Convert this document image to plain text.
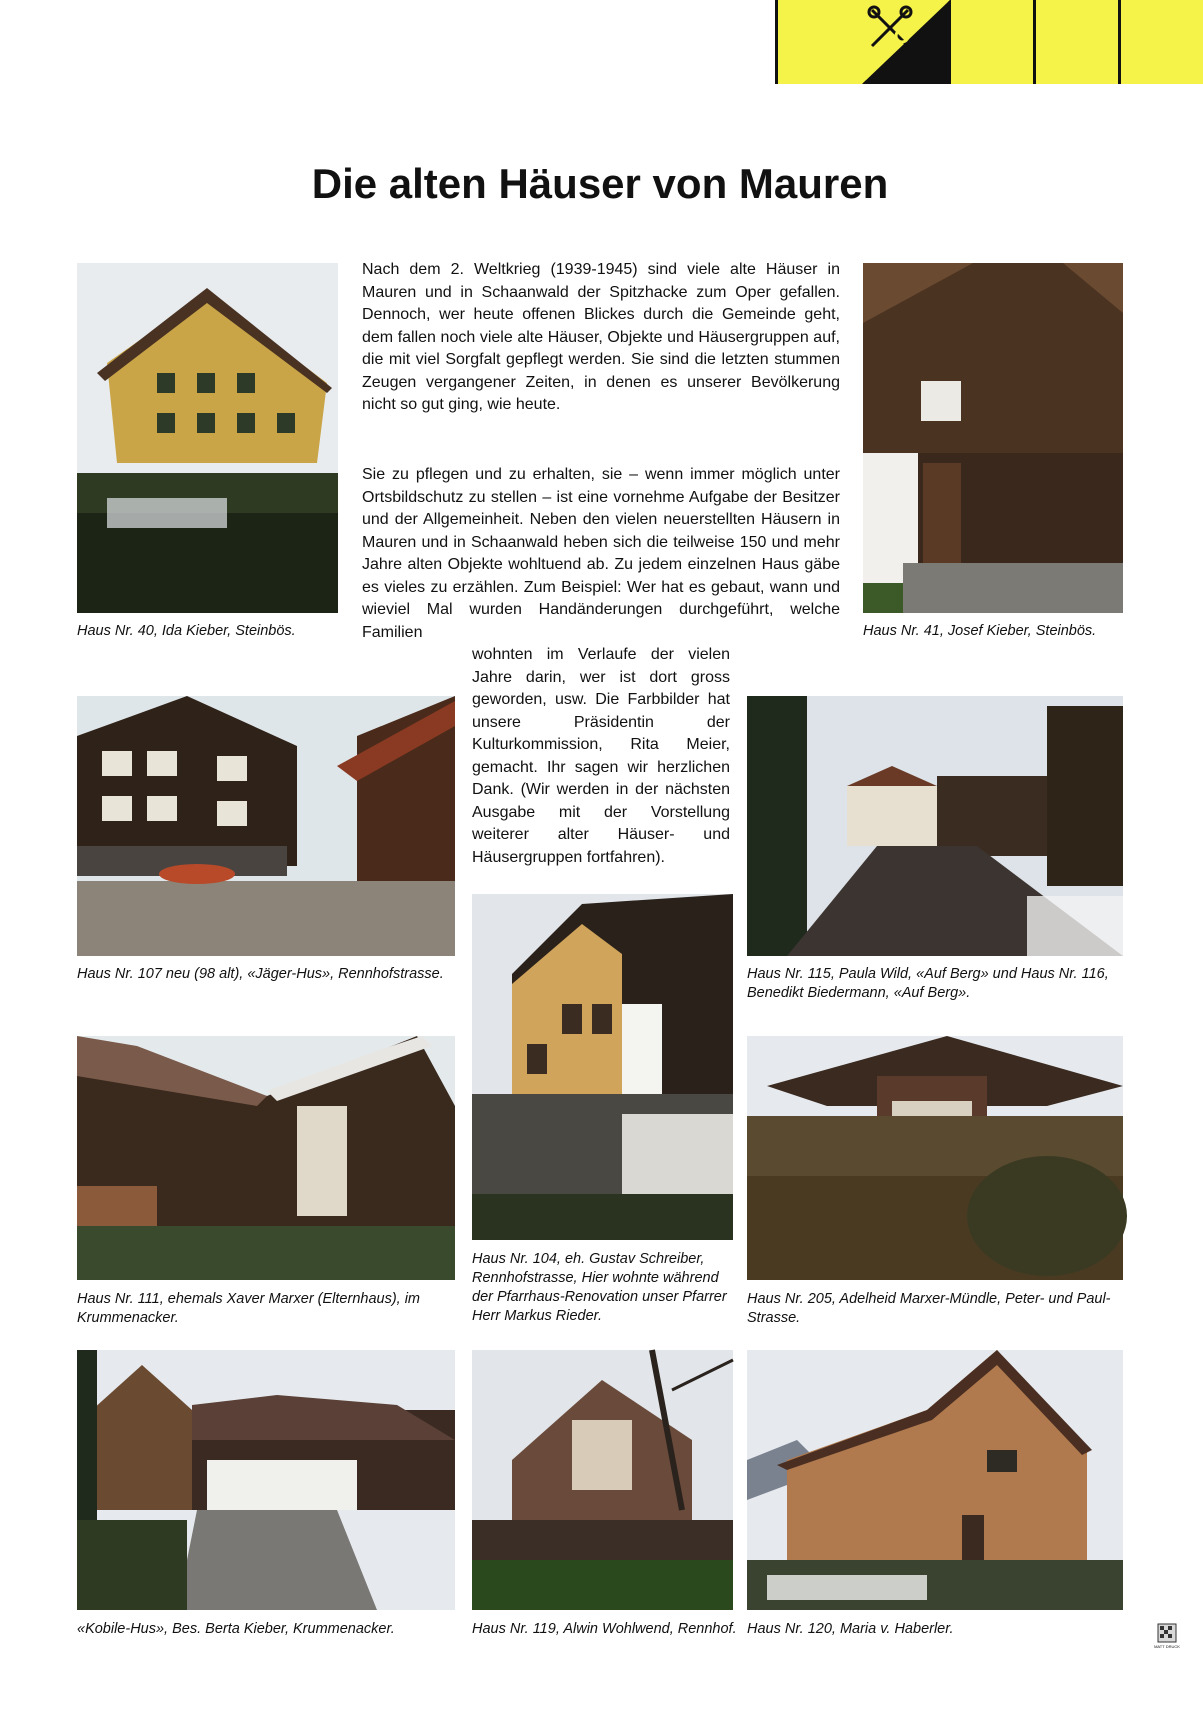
Die alten Häuser von Mauren

Haus Nr. 40, Ida Kieber, Steinbös.

Nach dem 2. Weltkrieg (1939-1945) sind viele alte Häuser in Mauren und in Schaanwald der Spitzhacke zum Oper gefallen. Dennoch, wer heute offenen Blickes durch die Gemeinde geht, dem fallen noch viele alte Häuser, Objekte und Häusergruppen auf, die mit viel Sorgfalt gepflegt werden. Sie sind die letzten stummen Zeugen vergangener Zeiten, in denen es unserer Bevölkerung nicht so gut ging, wie heute.

Sie zu pflegen und zu erhalten, sie – wenn immer möglich unter Ortsbildschutz zu stellen – ist eine vornehme Aufgabe der Besitzer und der Allgemeinheit. Neben den vielen neuerstellten Häusern in Mauren und in Schaanwald heben sich die teilweise 150 und mehr Jahre alten Objekte wohltuend ab. Zu jedem einzelnen Haus gäbe es vieles zu erzählen. Zum Beispiel: Wer hat es gebaut, wann und wieviel Mal wurden Handänderungen durchgeführt, welche Familien

wohnten im Verlaufe der vielen Jahre darin, wer ist dort gross geworden, usw. Die Farbbilder hat unsere Präsidentin der Kulturkommission, Rita Meier, gemacht. Ihr sagen wir herzlichen Dank. (Wir werden in der nächsten Ausgabe mit der Vorstellung weiterer alter Häuser- und Häusergruppen fortfahren).

Haus Nr. 41, Josef Kieber, Steinbös.

Haus Nr. 107 neu (98 alt), «Jäger-Hus», Rennhofstrasse.	Haus Nr. 115, Paula Wild, «Auf Berg» und Haus Nr. 116, Benedikt Biedermann, «Auf Berg».

Haus Nr. 104, eh. Gustav Schreiber, Rennhofstrasse, Hier wohnte während der Pfarrhaus-Renovation unser Pfarrer Herr Markus Rieder.

Haus Nr. 111, ehemals Xaver Marxer (Elternhaus), im Krummenacker.

Haus Nr. 205, Adelheid Marxer-Mündle, Peter- und Paul-Strasse.

«Kobile-Hus», Bes. Berta Kieber, Krummenacker.	Haus Nr. 119, Alwin Wohlwend, Rennhof. Haus Nr. 120, Maria v. Haberler.

MATT DRUCK
